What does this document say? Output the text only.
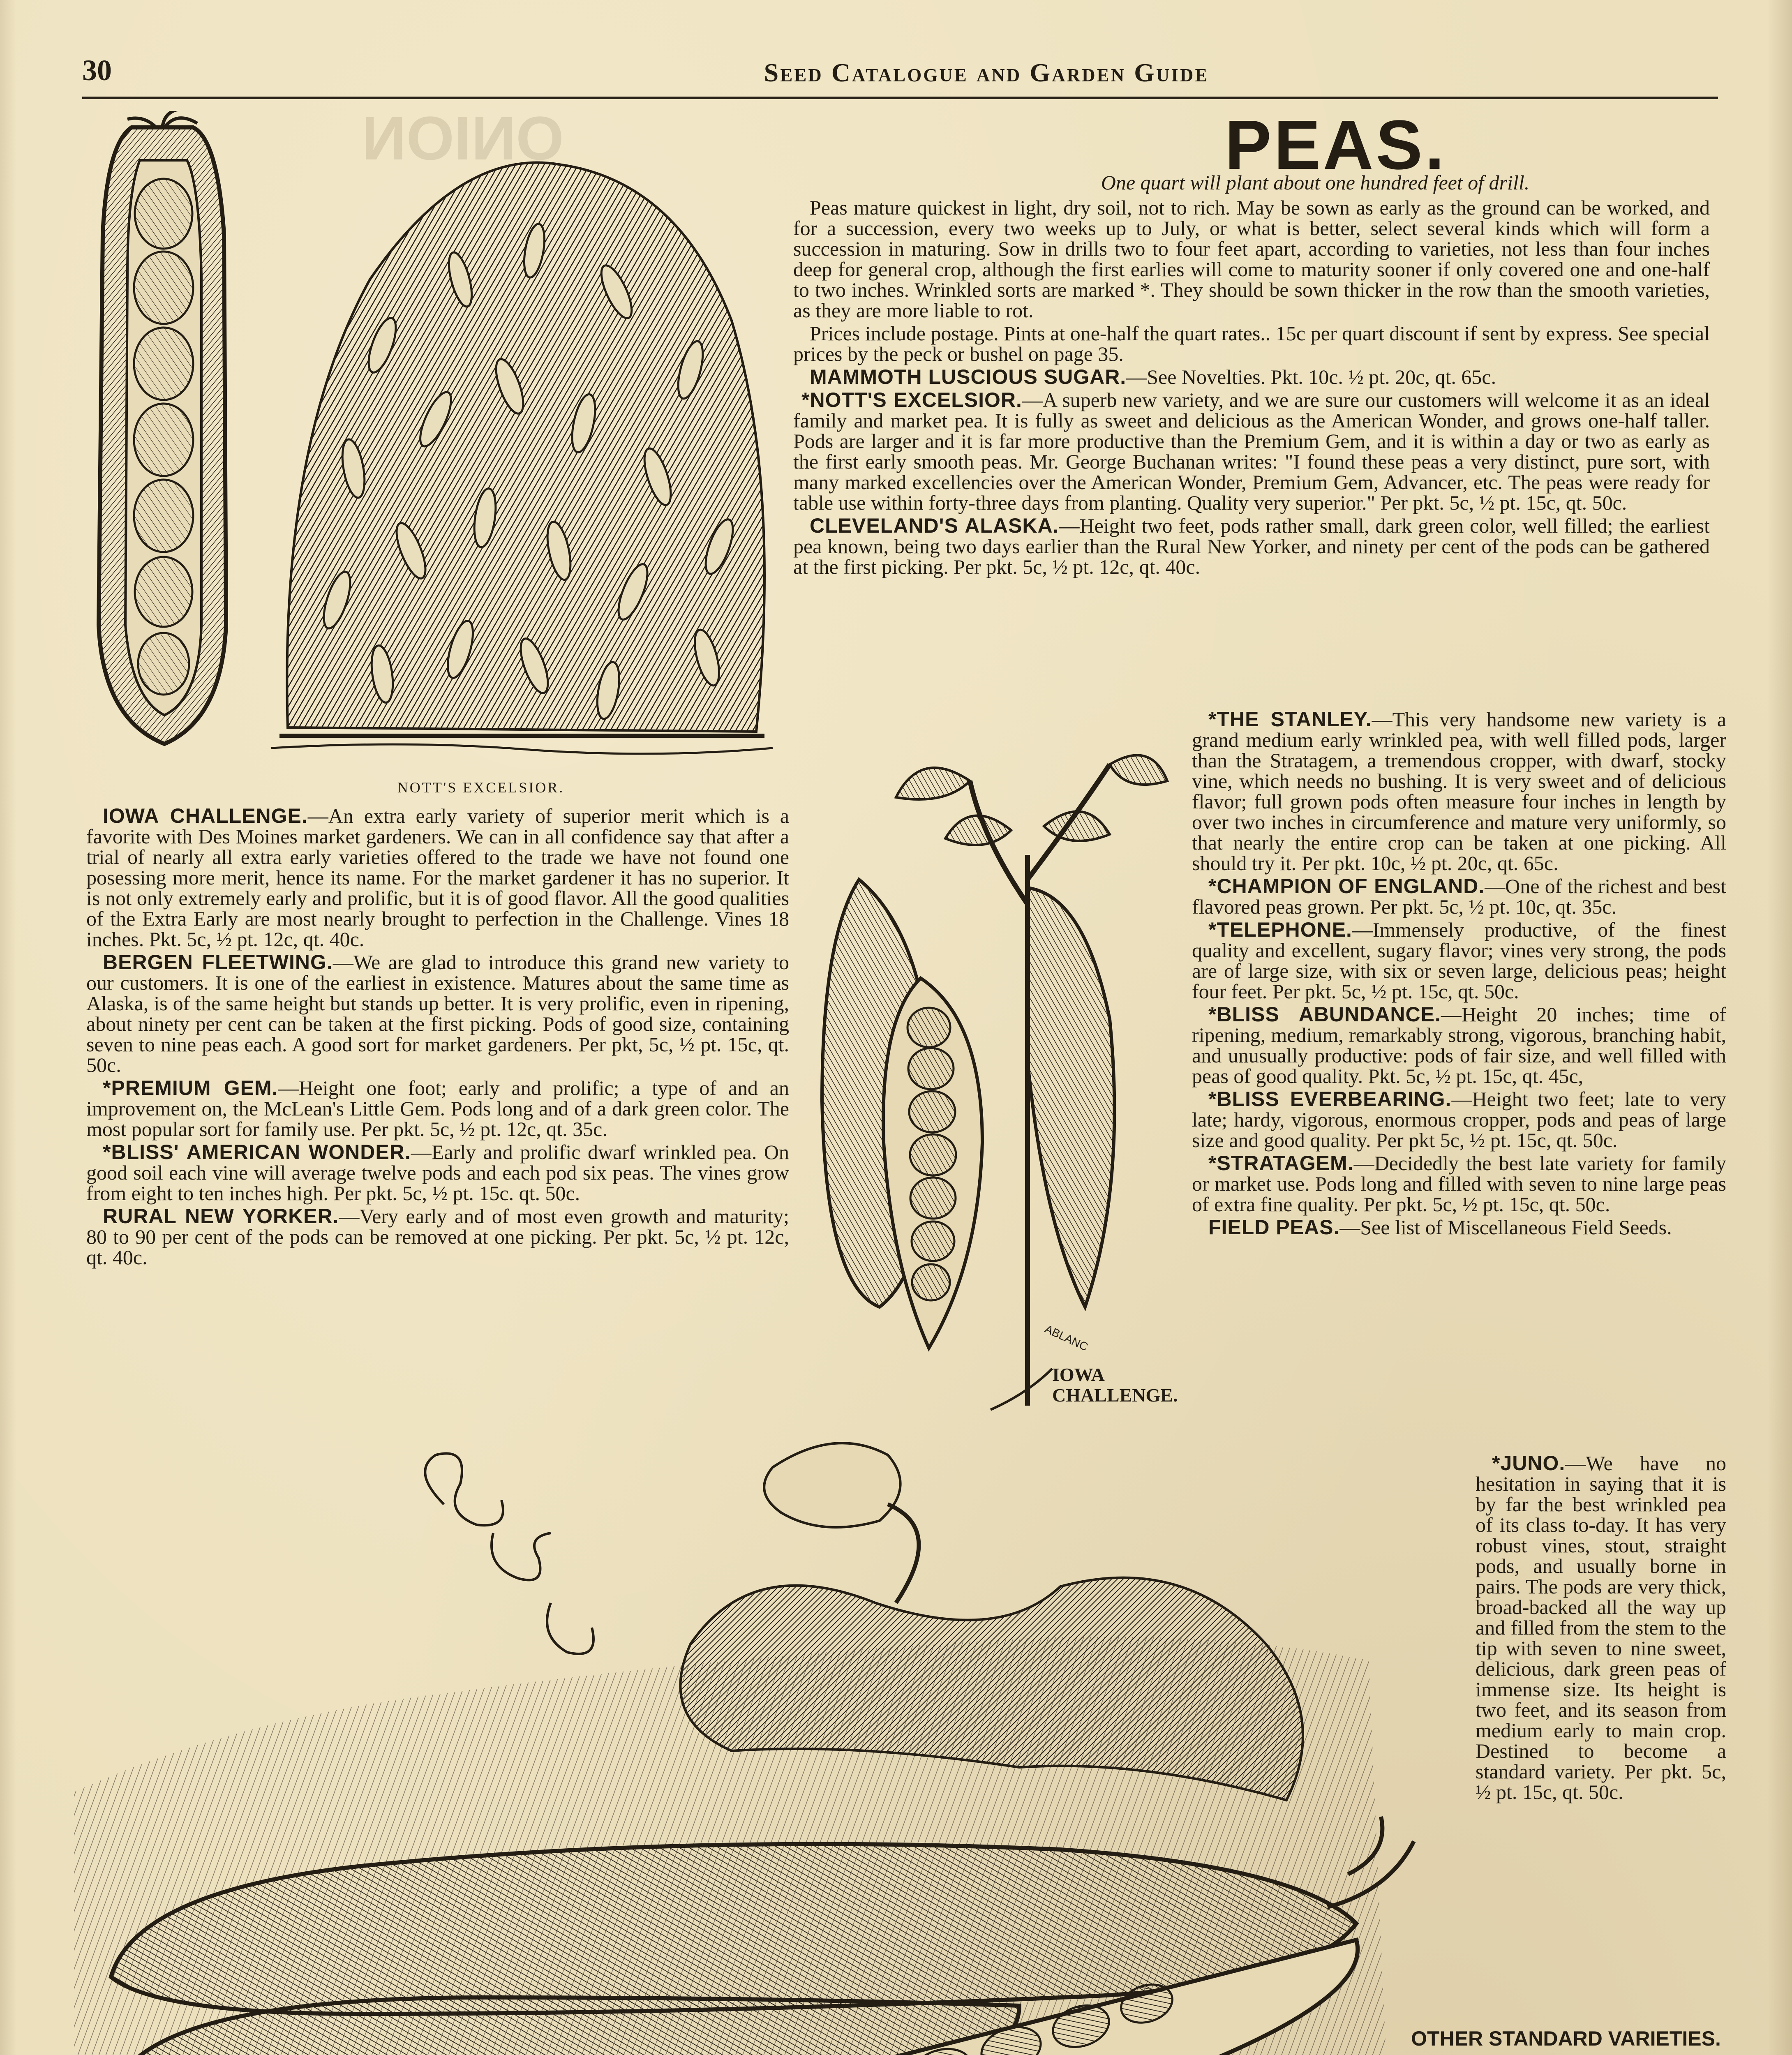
ONION
30	Seed Catalogue and Garden Guide
PEAS.
One quart will plant about one hundred feet of drill.
NOTT'S EXCELSIOR.

Peas mature quickest in light, dry soil, not to rich. May be sown as early as the ground can be worked, and for a succession, every two weeks up to July, or what is better, select several kinds which will form a succession in maturing. Sow in drills two to four feet apart, according to varieties, not less than four inches deep for general crop, although the first earlies will come to maturity sooner if only covered one and one-half to two inches. Wrinkled sorts are marked *. They should be sown thicker in the row than the smooth varieties, as they are more liable to rot.

Prices include postage. Pints at one-half the quart rates.. 15c per quart discount if sent by express. See special prices by the peck or bushel on page 35.

MAMMOTH LUSCIOUS SUGAR.—See Novelties. Pkt. 10c. ½ pt. 20c, qt. 65c.

*NOTT'S EXCELSIOR.—A superb new variety, and we are sure our customers will welcome it as an ideal family and market pea. It is fully as sweet and delicious as the American Wonder, and grows one-half taller. Pods are larger and it is far more productive than the Premium Gem, and it is within a day or two as early as the first early smooth peas. Mr. George Buchanan writes: "I found these peas a very distinct, pure sort, with many marked excellencies over the American Wonder, Premium Gem, Advancer, etc. The peas were ready for table use within forty-three days from planting. Quality very superior." Per pkt. 5c, ½ pt. 15c, qt. 50c.

CLEVELAND'S ALASKA.—Height two feet, pods rather small, dark green color, well filled; the earliest pea known, being two days earlier than the Rural New Yorker, and ninety per cent of the pods can be gathered at the first picking. Per pkt. 5c, ½ pt. 12c, qt. 40c.

IOWA CHALLENGE.—An extra early variety of superior merit which is a favorite with Des Moines market gardeners. We can in all confidence say that after a trial of nearly all extra early varieties offered to the trade we have not found one posessing more merit, hence its name. For the market gardener it has no superior. It is not only extremely early and prolific, but it is of good flavor. All the good qualities of the Extra Early are most nearly brought to perfection in the Challenge. Vines 18 inches. Pkt. 5c, ½ pt. 12c, qt. 40c.

BERGEN FLEETWING.—We are glad to introduce this grand new variety to our customers. It is one of the earliest in existence. Matures about the same time as Alaska, is of the same height but stands up better. It is very prolific, even in ripening, about ninety per cent can be taken at the first picking. Pods of good size, containing seven to nine peas each. A good sort for market gardeners. Per pkt, 5c, ½ pt. 15c, qt. 50c.

*PREMIUM GEM.—Height one foot; early and prolific; a type of and an improvement on, the McLean's Little Gem. Pods long and of a dark green color. The most popular sort for family use. Per pkt. 5c, ½ pt. 12c, qt. 35c.

*BLISS' AMERICAN WONDER.—Early and prolific dwarf wrinkled pea. On good soil each vine will average twelve pods and each pod six peas. The vines grow from eight to ten inches high. Per pkt. 5c, ½ pt. 15c. qt. 50c.

RURAL NEW YORKER.—Very early and of most even growth and maturity; 80 to 90 per cent of the pods can be removed at one picking. Per pkt. 5c, ½ pt. 12c, qt. 40c.

ABLANC
IOWA CHALLENGE.

*THE STANLEY.—This very handsome new variety is a grand medium early wrinkled pea, with well filled pods, larger than the Stratagem, a tremendous cropper, with dwarf, stocky vine, which needs no bushing. It is very sweet and of delicious flavor; full grown pods often measure four inches in length by over two inches in circumference and mature very uniformly, so that nearly the entire crop can be taken at one picking. All should try it. Per pkt. 10c, ½ pt. 20c, qt. 65c.

*CHAMPION OF ENGLAND.—One of the richest and best flavored peas grown. Per pkt. 5c, ½ pt. 10c, qt. 35c.

*TELEPHONE.—Immensely productive, of the finest quality and excellent, sugary flavor; vines very strong, the pods are of large size, with six or seven large, delicious peas; height four feet. Per pkt. 5c, ½ pt. 15c, qt. 50c.

*BLISS ABUNDANCE.—Height 20 inches; time of ripening, medium, remarkably strong, vigorous, branching habit, and unusually productive: pods of fair size, and well filled with peas of good quality. Pkt. 5c, ½ pt. 15c, qt. 45c,

*BLISS EVERBEARING.—Height two feet; late to very late; hardy, vigorous, enormous cropper, pods and peas of large size and good quality. Per pkt 5c, ½ pt. 15c, qt. 50c.

*STRATAGEM.—Decidedly the best late variety for family or market use. Pods long and filled with seven to nine large peas of extra fine quality. Per pkt. 5c, ½ pt. 15c, qt. 50c.

FIELD PEAS.—See list of Miscellaneous Field Seeds.

*JUNO.—We have no hesitation in saying that it is by far the best wrinkled pea of its class to-day. It has very robust vines, stout, straight pods, and usually borne in pairs. The pods are very thick, broad-backed all the way up and filled from the stem to the tip with seven to nine sweet, delicious, dark green peas of immense size. Its height is two feet, and its season from medium early to main crop. Destined to become a standard variety. Per pkt. 5c, ½ pt. 15c, qt. 50c.

OTHER STANDARD VARIETIES.
